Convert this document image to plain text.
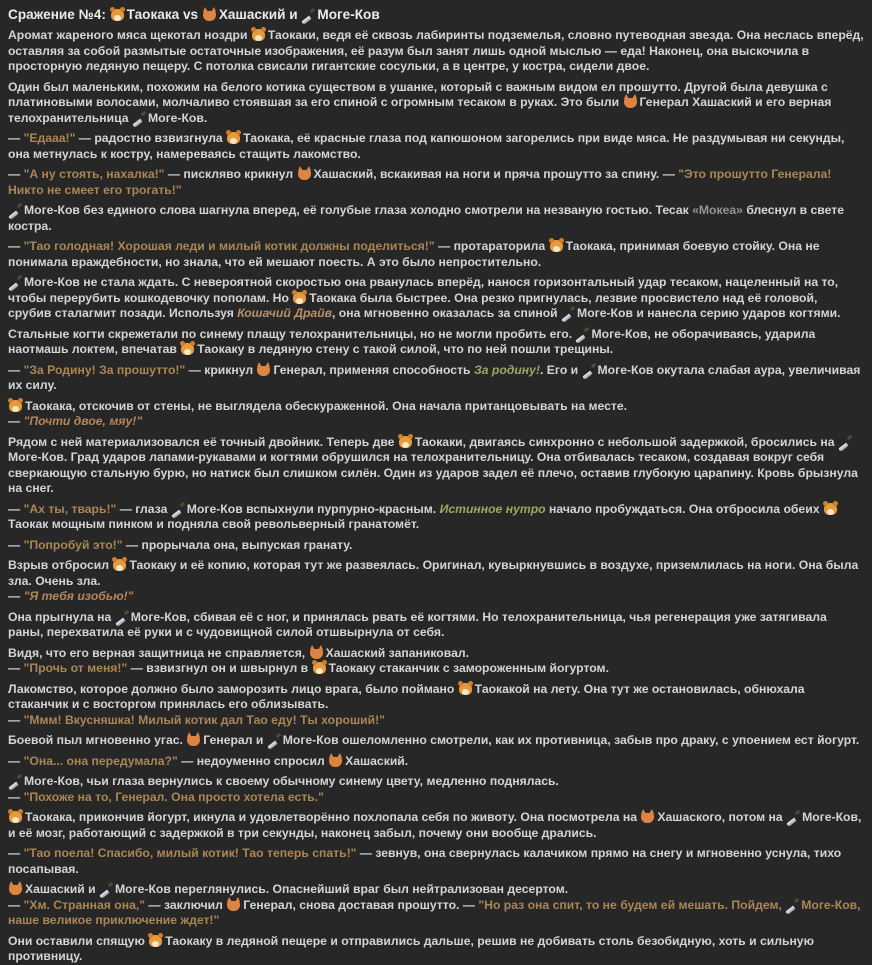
Сражение №4: Таокака vs Хашаский и Моге-Ков
Аромат жареного мяса щекотал ноздри Таокаки, ведя её сквозь лабиринты подземелья, словно путеводная звезда. Она неслась вперёд, оставляя за собой размытые остаточные изображения, её разум был занят лишь одной мыслью — еда! Наконец, она выскочила в просторную ледяную пещеру. С потолка свисали гигантские сосульки, а в центре, у костра, сидели двое.
Один был маленьким, похожим на белого котика существом в ушанке, который с важным видом ел прошутто. Другой была девушка с платиновыми волосами, молчаливо стоявшая за его спиной с огромным тесаком в руках. Это были Генерал Хашаский и его верная телохранительница Моге-Ков.
— "Едааа!" — радостно взвизгнула Таокака, её красные глаза под капюшоном загорелись при виде мяса. Не раздумывая ни секунды, она метнулась к костру, намереваясь стащить лакомство.
— "А ну стоять, нахалка!" — пискляво крикнул Хашаский, вскакивая на ноги и пряча прошутто за спину. — "Это прошутто Генерала! Никто не смеет его трогать!"
Моге-Ков без единого слова шагнула вперед, её голубые глаза холодно смотрели на незваную гостью. Тесак «Мокеа» блеснул в свете костра.
— "Тао голодная! Хорошая леди и милый котик должны поделиться!" — протараторила Таокака, принимая боевую стойку. Она не понимала враждебности, но знала, что ей мешают поесть. А это было непростительно.
Моге-Ков не стала ждать. С невероятной скоростью она рванулась вперёд, нанося горизонтальный удар тесаком, нацеленный на то, чтобы перерубить кошкодевочку пополам. Но Таокака была быстрее. Она резко пригнулась, лезвие просвистело над её головой, срубив сталагмит позади. Используя Кошачий Драйв, она мгновенно оказалась за спиной Моге-Ков и нанесла серию ударов когтями.
Стальные когти скрежетали по синему плащу телохранительницы, но не могли пробить его. Моге-Ков, не оборачиваясь, ударила наотмашь локтем, впечатав Таокаку в ледяную стену с такой силой, что по ней пошли трещины.
— "За Родину! За прошутто!" — крикнул Генерал, применяя способность За родину!. Его и Моге-Ков окутала слабая аура, увеличивая их силу.
Таокака, отскочив от стены, не выглядела обескураженной. Она начала пританцовывать на месте.
— "Почти двое, мяу!"
Рядом с ней материализовался её точный двойник. Теперь две Таокаки, двигаясь синхронно с небольшой задержкой, бросились на Моге-Ков. Град ударов лапами-рукавами и когтями обрушился на телохранительницу. Она отбивалась тесаком, создавая вокруг себя сверкающую стальную бурю, но натиск был слишком силён. Один из ударов задел её плечо, оставив глубокую царапину. Кровь брызнула на снег.
— "Ах ты, тварь!" — глаза Моге-Ков вспыхнули пурпурно-красным. Истинное нутро начало пробуждаться. Она отбросила обеих Таокак мощным пинком и подняла свой револьверный гранатомёт.
— "Попробуй это!" — прорычала она, выпуская гранату.
Взрыв отбросил Таокаку и её копию, которая тут же развеялась. Оригинал, кувыркнувшись в воздухе, приземлилась на ноги. Она была зла. Очень зла.
— "Я тебя изобью!"
Она прыгнула на Моге-Ков, сбивая её с ног, и принялась рвать её когтями. Но телохранительница, чья регенерация уже затягивала раны, перехватила её руки и с чудовищной силой отшвырнула от себя.
Видя, что его верная защитница не справляется, Хашаский запаниковал.
— "Прочь от меня!" — взвизгнул он и швырнул в Таокаку стаканчик с замороженным йогуртом.
Лакомство, которое должно было заморозить лицо врага, было поймано Таокакой на лету. Она тут же остановилась, обнюхала стаканчик и с восторгом принялась его облизывать.
— "Ммм! Вкусняшка! Милый котик дал Тао еду! Ты хороший!"
Боевой пыл мгновенно угас. Генерал и Моге-Ков ошеломленно смотрели, как их противница, забыв про драку, с упоением ест йогурт.
— "Она... она передумала?" — недоуменно спросил Хашаский.
Моге-Ков, чьи глаза вернулись к своему обычному синему цвету, медленно поднялась.
— "Похоже на то, Генерал. Она просто хотела есть."
Таокака, прикончив йогурт, икнула и удовлетворённо похлопала себя по животу. Она посмотрела на Хашаского, потом на Моге-Ков, и её мозг, работающий с задержкой в три секунды, наконец забыл, почему они вообще дрались.
— "Тао поела! Спасибо, милый котик! Тао теперь спать!" — зевнув, она свернулась калачиком прямо на снегу и мгновенно уснула, тихо посапывая.
Хашаский и Моге-Ков переглянулись. Опаснейший враг был нейтрализован десертом.
— "Хм. Странная она," — заключил Генерал, снова доставая прошутто. — "Но раз она спит, то не будем ей мешать. Пойдем, Моге-Ков, наше великое приключение ждет!"
Они оставили спящую Таокаку в ледяной пещере и отправились дальше, решив не добивать столь безобидную, хоть и сильную противницу.
